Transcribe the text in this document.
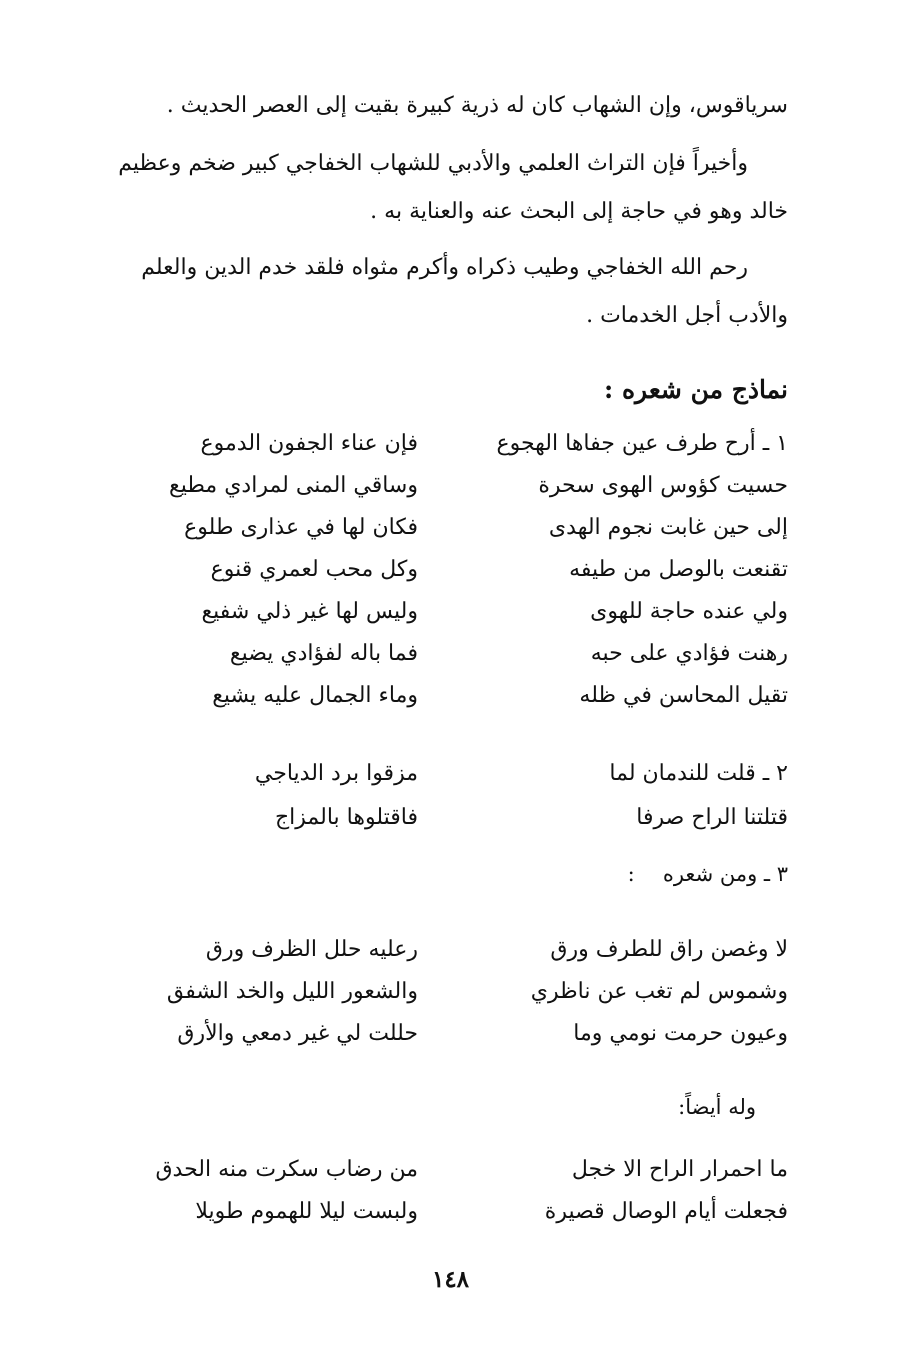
سرياقوس، وإن الشهاب كان له ذرية كبيرة بقيت إلى العصر الحديث .
وأخيراً فإن التراث العلمي والأدبي للشهاب الخفاجي كبير ضخم وعظيم خالد وهو في حاجة إلى البحث عنه والعناية به .
رحم الله الخفاجي وطيب ذكراه وأكرم مثواه فلقد خدم الدين والعلم والأدب أجل الخدمات .
نماذج من شعره :
١ ـ أرح طرف عين جفاها الهجوع
فإن عناء الجفون الدموع
حسيت كؤوس الهوى سحرة
وساقي المنى لمرادي مطيع
إلى حين غابت نجوم الهدى
فكان لها في عذارى طلوع
تقنعت بالوصل من طيفه
وكل محب لعمري قنوع
ولي عنده حاجة للهوى
وليس لها غير ذلي شفيع
رهنت فؤادي على حبه
فما باله لفؤادي يضيع
تقيل المحاسن في ظله
وماء الجمال عليه يشيع
٢ ـ قلت للندمان لما
مزقوا برد الدياجي
قتلتنا الراح صرفا
فاقتلوها بالمزاج
٣ ـ ومن شعره :
لا وغصن راق للطرف ورق
رعليه حلل الظرف ورق
وشموس لم تغب عن ناظري
والشعور الليل والخد الشفق
وعيون حرمت نومي وما
حللت لي غير دمعي والأرق
وله أيضاً:
ما احمرار الراح الا خجل
من رضاب سكرت منه الحدق
فجعلت أيام الوصال قصيرة
ولبست ليلا للهموم طويلا
١٤٨
